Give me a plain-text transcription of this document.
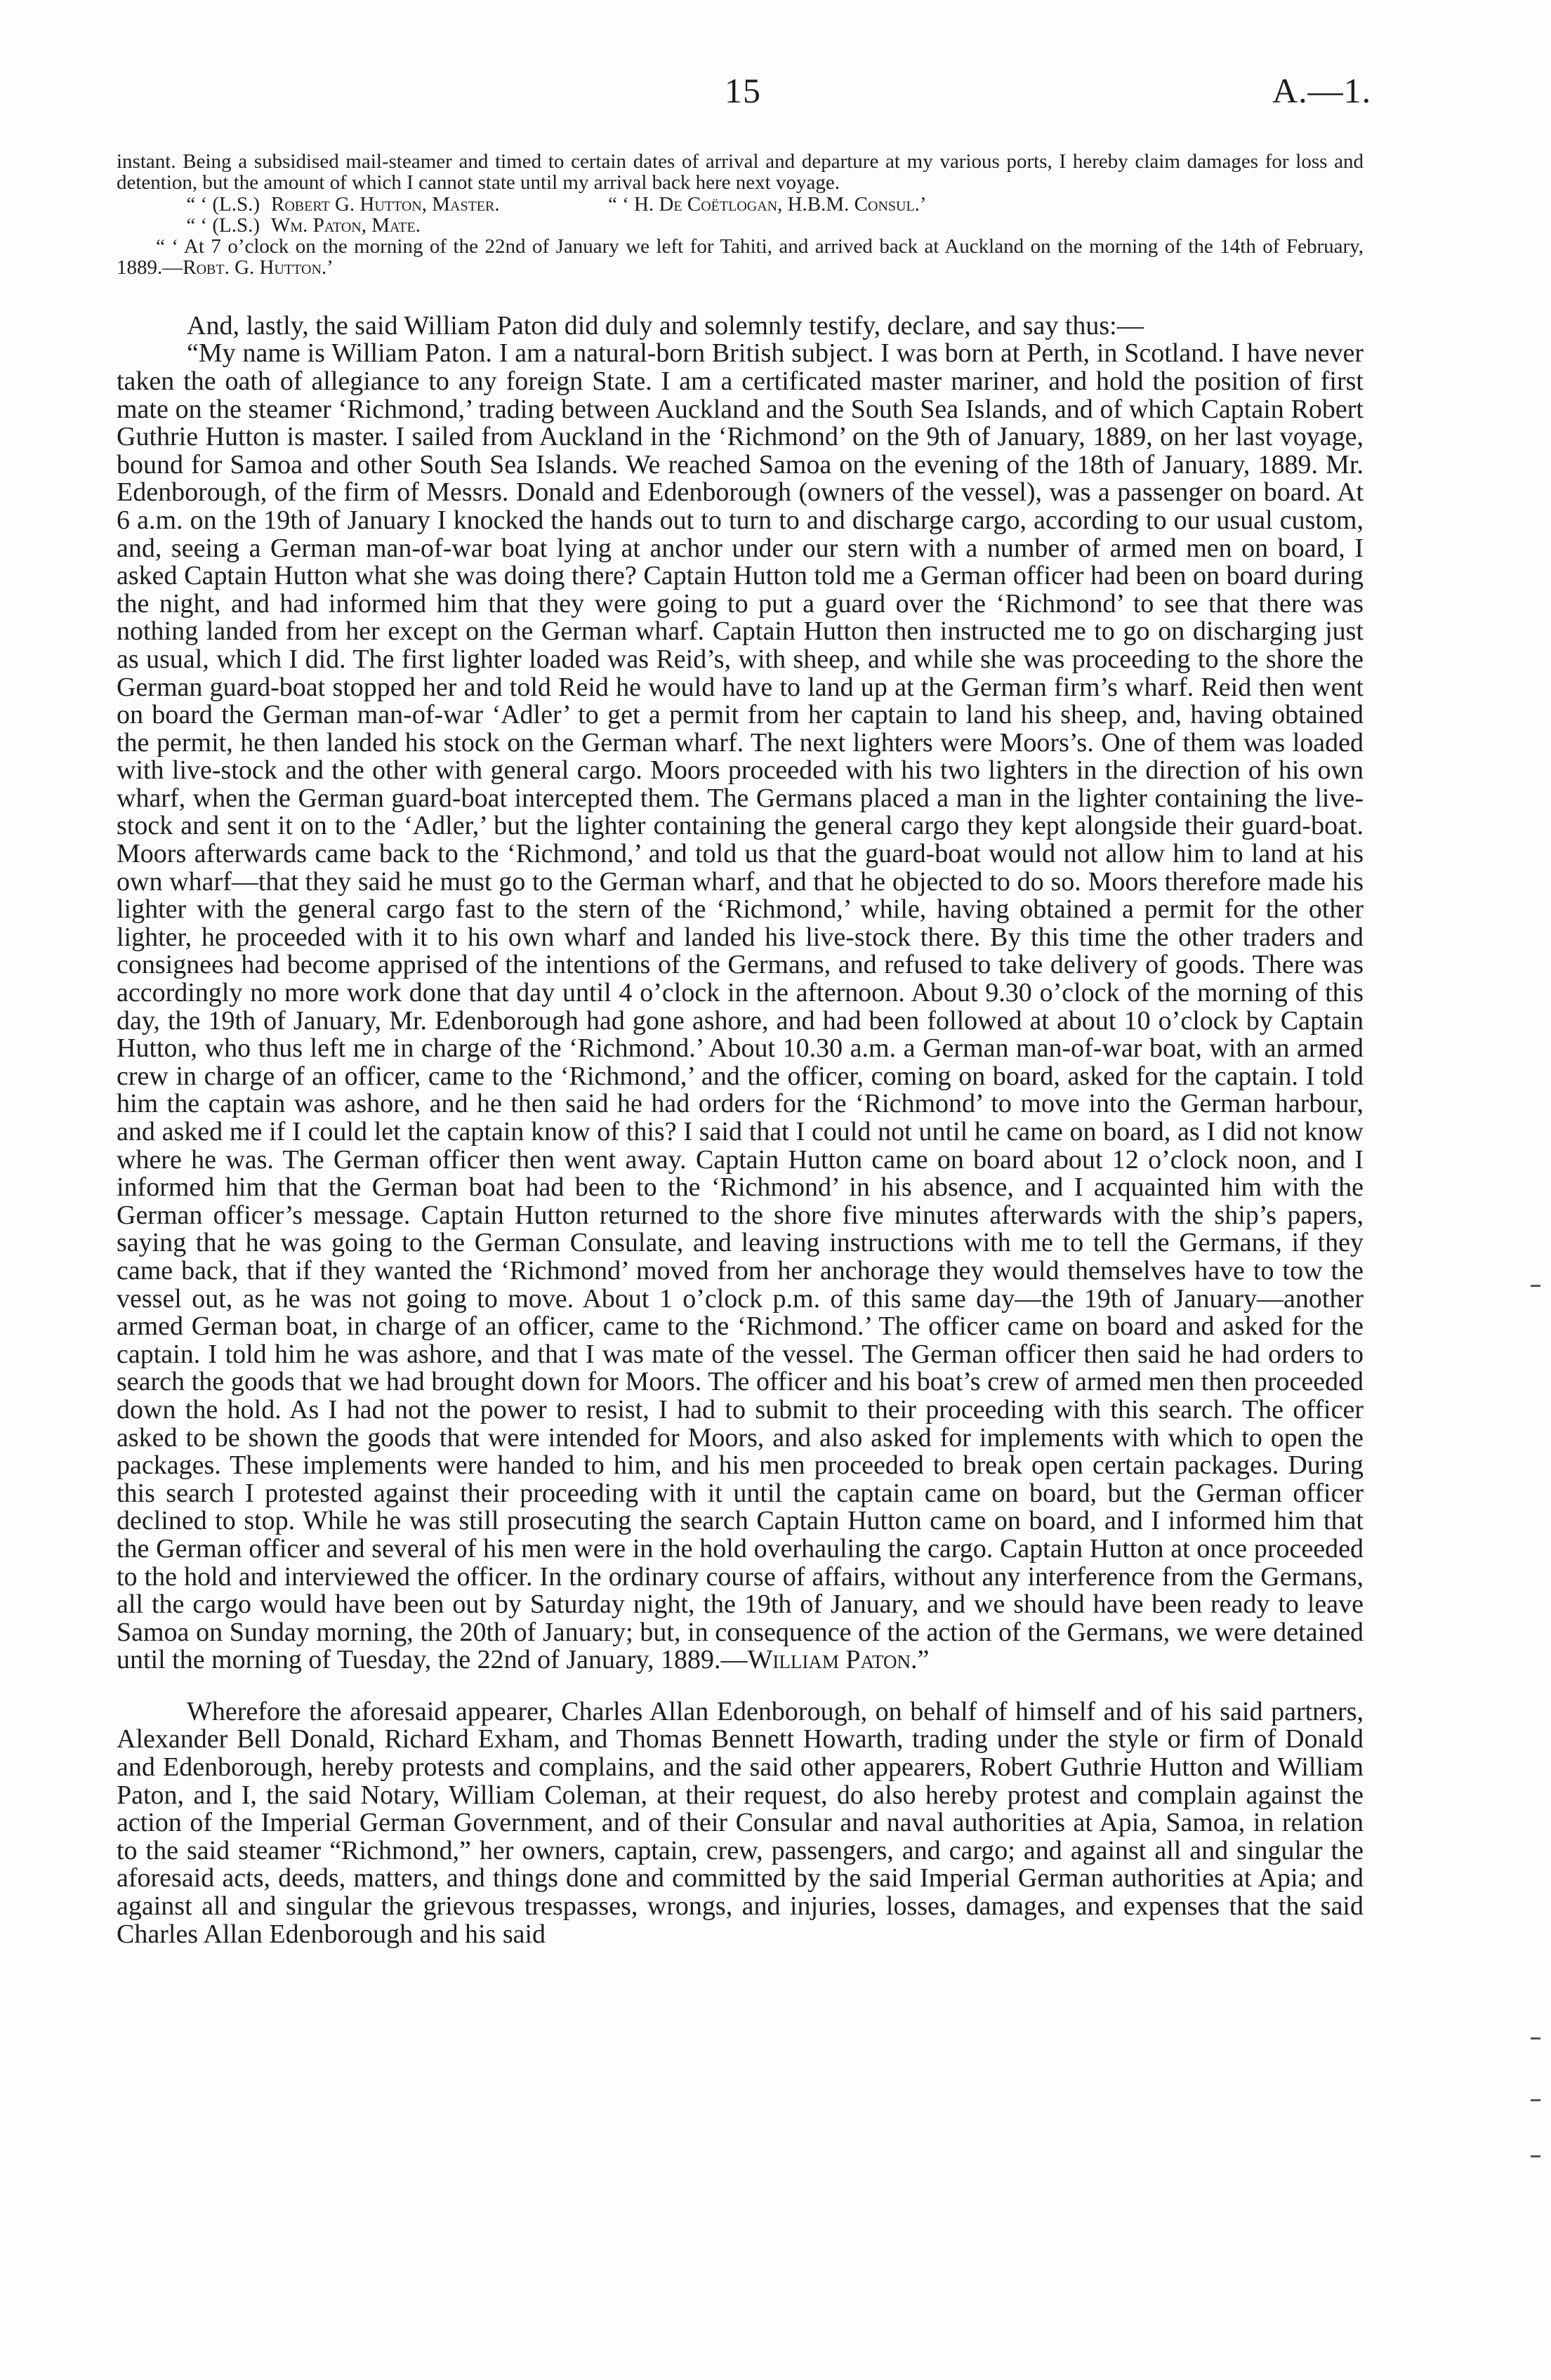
15	A.—1.

instant. Being a subsidised mail-steamer and timed to certain dates of arrival and departure at my various ports, I hereby claim damages for loss and detention, but the amount of which I cannot state until my arrival back here next voyage.

“ ‘ (L.S.) Robert G. Hutton, Master.	“ ‘ H. De Coëtlogan, H.B.M. Consul.’
“ ‘ (L.S.) Wm. Paton, Mate.

“ ‘ At 7 o’clock on the morning of the 22nd of January we left for Tahiti, and arrived back at Auckland on the morning of the 14th of February, 1889.—Robt. G. Hutton.’

And, lastly, the said William Paton did duly and solemnly testify, declare, and say thus:—

“My name is William Paton. I am a natural-born British subject. I was born at Perth, in Scotland. I have never taken the oath of allegiance to any foreign State. I am a certificated master mariner, and hold the position of first mate on the steamer ‘Richmond,’ trading between Auckland and the South Sea Islands, and of which Captain Robert Guthrie Hutton is master. I sailed from Auckland in the ‘Richmond’ on the 9th of January, 1889, on her last voyage, bound for Samoa and other South Sea Islands. We reached Samoa on the evening of the 18th of January, 1889. Mr. Edenborough, of the firm of Messrs. Donald and Edenborough (owners of the vessel), was a passenger on board. At 6 a.m. on the 19th of January I knocked the hands out to turn to and discharge cargo, according to our usual custom, and, seeing a German man-of-war boat lying at anchor under our stern with a number of armed men on board, I asked Captain Hutton what she was doing there? Captain Hutton told me a German officer had been on board during the night, and had informed him that they were going to put a guard over the ‘Richmond’ to see that there was nothing landed from her except on the German wharf. Captain Hutton then instructed me to go on discharging just as usual, which I did. The first lighter loaded was Reid’s, with sheep, and while she was proceeding to the shore the German guard-boat stopped her and told Reid he would have to land up at the German firm’s wharf. Reid then went on board the German man-of-war ‘Adler’ to get a permit from her captain to land his sheep, and, having obtained the permit, he then landed his stock on the German wharf. The next lighters were Moors’s. One of them was loaded with live-stock and the other with general cargo. Moors proceeded with his two lighters in the direction of his own wharf, when the German guard-boat intercepted them. The Germans placed a man in the lighter containing the live-stock and sent it on to the ‘Adler,’ but the lighter containing the general cargo they kept alongside their guard-boat. Moors afterwards came back to the ‘Richmond,’ and told us that the guard-boat would not allow him to land at his own wharf—that they said he must go to the German wharf, and that he objected to do so. Moors therefore made his lighter with the general cargo fast to the stern of the ‘Richmond,’ while, having obtained a permit for the other lighter, he proceeded with it to his own wharf and landed his live-stock there. By this time the other traders and consignees had become apprised of the intentions of the Germans, and refused to take delivery of goods. There was accordingly no more work done that day until 4 o’clock in the afternoon. About 9.30 o’clock of the morning of this day, the 19th of January, Mr. Edenborough had gone ashore, and had been followed at about 10 o’clock by Captain Hutton, who thus left me in charge of the ‘Richmond.’ About 10.30 a.m. a German man-of-war boat, with an armed crew in charge of an officer, came to the ‘Richmond,’ and the officer, coming on board, asked for the captain. I told him the captain was ashore, and he then said he had orders for the ‘Richmond’ to move into the German harbour, and asked me if I could let the captain know of this? I said that I could not until he came on board, as I did not know where he was. The German officer then went away. Captain Hutton came on board about 12 o’clock noon, and I informed him that the German boat had been to the ‘Richmond’ in his absence, and I acquainted him with the German officer’s message. Captain Hutton returned to the shore five minutes afterwards with the ship’s papers, saying that he was going to the German Consulate, and leaving instructions with me to tell the Germans, if they came back, that if they wanted the ‘Richmond’ moved from her anchorage they would themselves have to tow the vessel out, as he was not going to move. About 1 o’clock p.m. of this same day—the 19th of January—another armed German boat, in charge of an officer, came to the ‘Richmond.’ The officer came on board and asked for the captain. I told him he was ashore, and that I was mate of the vessel. The German officer then said he had orders to search the goods that we had brought down for Moors. The officer and his boat’s crew of armed men then proceeded down the hold. As I had not the power to resist, I had to submit to their proceeding with this search. The officer asked to be shown the goods that were intended for Moors, and also asked for implements with which to open the packages. These implements were handed to him, and his men proceeded to break open certain packages. During this search I protested against their proceeding with it until the captain came on board, but the German officer declined to stop. While he was still prosecuting the search Captain Hutton came on board, and I informed him that the German officer and several of his men were in the hold overhauling the cargo. Captain Hutton at once proceeded to the hold and interviewed the officer. In the ordinary course of affairs, without any interference from the Germans, all the cargo would have been out by Saturday night, the 19th of January, and we should have been ready to leave Samoa on Sunday morning, the 20th of January; but, in consequence of the action of the Germans, we were detained until the morning of Tuesday, the 22nd of January, 1889.—William Paton.”

Wherefore the aforesaid appearer, Charles Allan Edenborough, on behalf of himself and of his said partners, Alexander Bell Donald, Richard Exham, and Thomas Bennett Howarth, trading under the style or firm of Donald and Edenborough, hereby protests and complains, and the said other appearers, Robert Guthrie Hutton and William Paton, and I, the said Notary, William Coleman, at their request, do also hereby protest and complain against the action of the Imperial German Government, and of their Consular and naval authorities at Apia, Samoa, in relation to the said steamer “Richmond,” her owners, captain, crew, passengers, and cargo; and against all and singular the aforesaid acts, deeds, matters, and things done and committed by the said Imperial German authorities at Apia; and against all and singular the grievous trespasses, wrongs, and injuries, losses, damages, and expenses that the said Charles Allan Edenborough and his said
